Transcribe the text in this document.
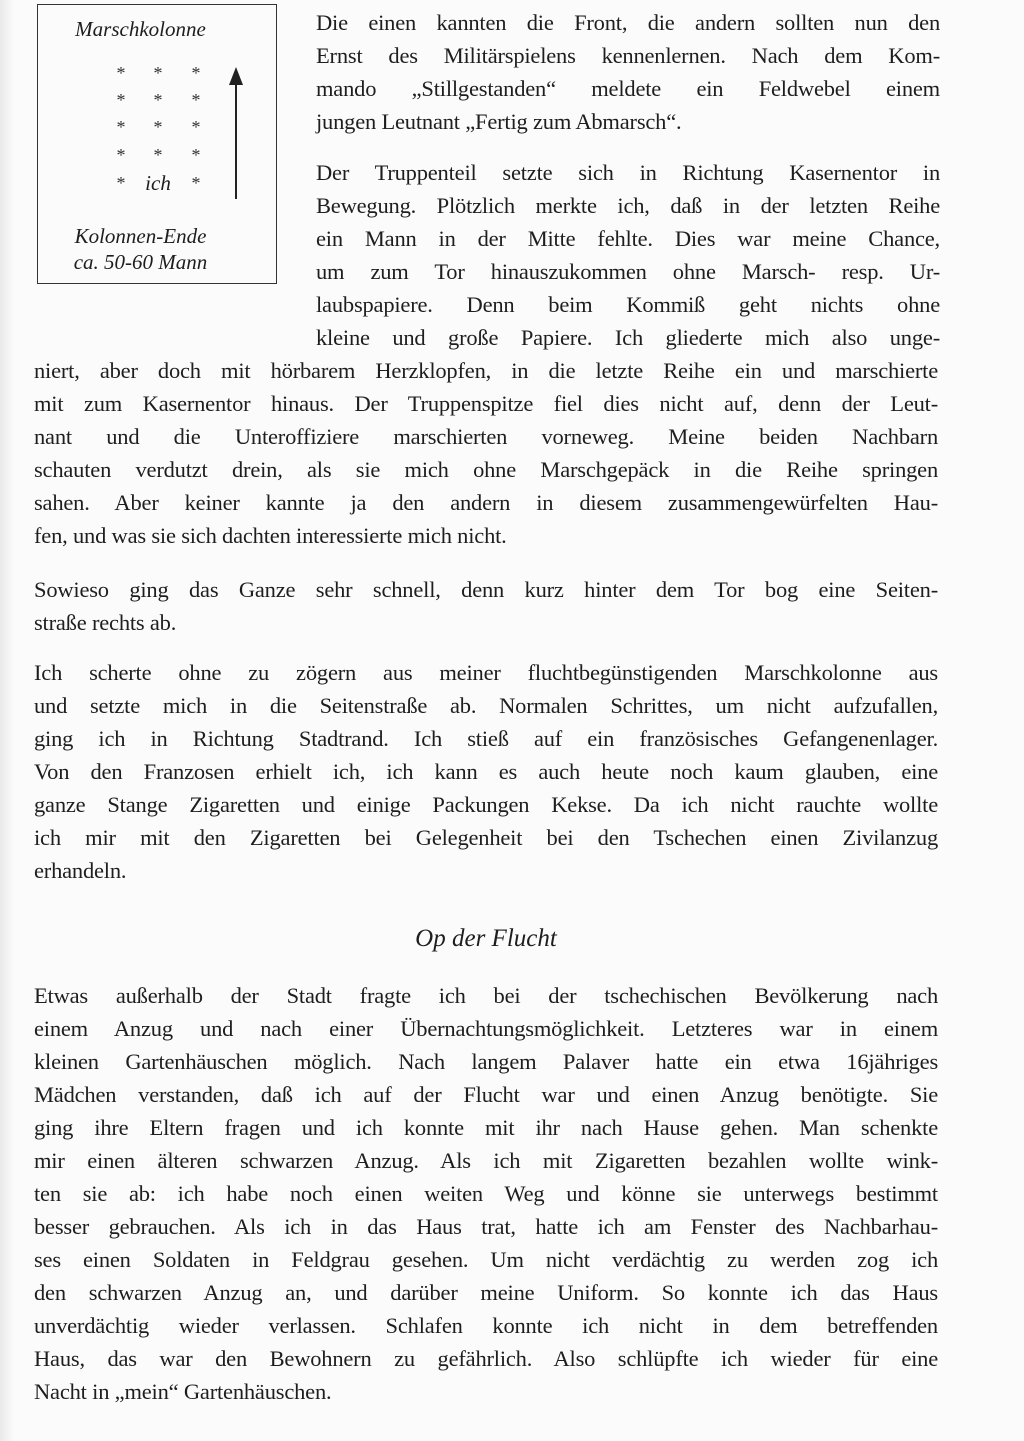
Marschkolonne
Kolonnen-Ende
ca. 50-60 Mann
*	*	*
*	*	*
*	*	*
*	*	*
* ich	*
Die einen kannten die Front, die andern sollten nun den
Ernst des Militärspielens kennenlernen. Nach dem Kom-
mando „Stillgestanden“ meldete ein Feldwebel einem
jungen Leutnant „Fertig zum Abmarsch“.
Der Truppenteil setzte sich in Richtung Kasernentor in
Bewegung. Plötzlich merkte ich, daß in der letzten Reihe
ein Mann in der Mitte fehlte. Dies war meine Chance,
um zum Tor hinauszukommen ohne Marsch- resp. Ur-
laubspapiere. Denn beim Kommiß geht nichts ohne
kleine und große Papiere. Ich gliederte mich also unge-
niert, aber doch mit hörbarem Herzklopfen, in die letzte Reihe ein und marschierte
mit zum Kasernentor hinaus. Der Truppenspitze fiel dies nicht auf, denn der Leut-
nant und die Unteroffiziere marschierten vorneweg. Meine beiden Nachbarn
schauten verdutzt drein, als sie mich ohne Marschgepäck in die Reihe springen
sahen. Aber keiner kannte ja den andern in diesem zusammengewürfelten Hau-
fen, und was sie sich dachten interessierte mich nicht.
Sowieso ging das Ganze sehr schnell, denn kurz hinter dem Tor bog eine Seiten-
straße rechts ab.
Ich scherte ohne zu zögern aus meiner fluchtbegünstigenden Marschkolonne aus
und setzte mich in die Seitenstraße ab. Normalen Schrittes, um nicht aufzufallen,
ging ich in Richtung Stadtrand. Ich stieß auf ein französisches Gefangenenlager.
Von den Franzosen erhielt ich, ich kann es auch heute noch kaum glauben, eine
ganze Stange Zigaretten und einige Packungen Kekse. Da ich nicht rauchte wollte
ich mir mit den Zigaretten bei Gelegenheit bei den Tschechen einen Zivilanzug
erhandeln.
Etwas außerhalb der Stadt fragte ich bei der tschechischen Bevölkerung nach
einem Anzug und nach einer Übernachtungsmöglichkeit. Letzteres war in einem
kleinen Gartenhäuschen möglich. Nach langem Palaver hatte ein etwa 16jähriges
Mädchen verstanden, daß ich auf der Flucht war und einen Anzug benötigte. Sie
ging ihre Eltern fragen und ich konnte mit ihr nach Hause gehen. Man schenkte
mir einen älteren schwarzen Anzug. Als ich mit Zigaretten bezahlen wollte wink-
ten sie ab: ich habe noch einen weiten Weg und könne sie unterwegs bestimmt
besser gebrauchen. Als ich in das Haus trat, hatte ich am Fenster des Nachbarhau-
ses einen Soldaten in Feldgrau gesehen. Um nicht verdächtig zu werden zog ich
den schwarzen Anzug an, und darüber meine Uniform. So konnte ich das Haus
unverdächtig wieder verlassen. Schlafen konnte ich nicht in dem betreffenden
Haus, das war den Bewohnern zu gefährlich. Also schlüpfte ich wieder für eine
Nacht in „mein“ Gartenhäuschen.
Op der Flucht
